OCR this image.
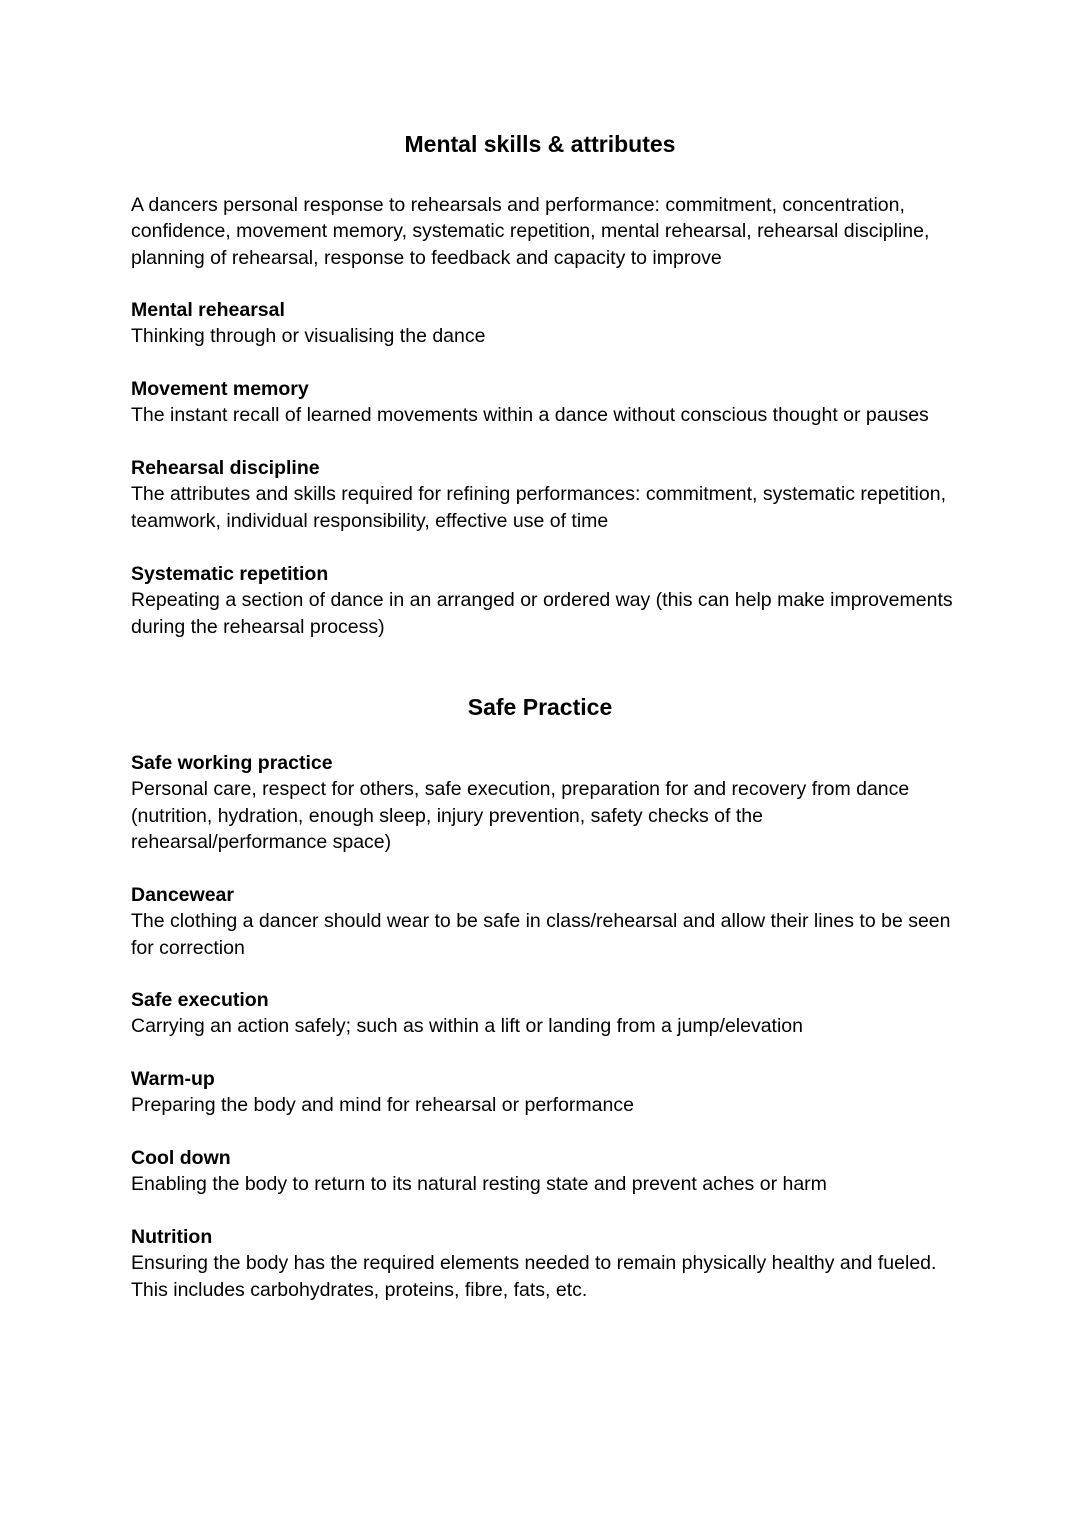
Mental skills & attributes

A dancers personal response to rehearsals and performance: commitment, concentration, confidence, movement memory, systematic repetition, mental rehearsal, rehearsal discipline, planning of rehearsal, response to feedback and capacity to improve

Mental rehearsal
Thinking through or visualising the dance
Movement memory
The instant recall of learned movements within a dance without conscious thought or pauses
Rehearsal discipline
The attributes and skills required for refining performances: commitment, systematic repetition, teamwork, individual responsibility, effective use of time
Systematic repetition
Repeating a section of dance in an arranged or ordered way (this can help make improvements during the rehearsal process)
Safe Practice
Safe working practice
Personal care, respect for others, safe execution, preparation for and recovery from dance (nutrition, hydration, enough sleep, injury prevention, safety checks of the rehearsal/performance space)
Dancewear
The clothing a dancer should wear to be safe in class/rehearsal and allow their lines to be seen for correction
Safe execution
Carrying an action safely; such as within a lift or landing from a jump/elevation
Warm-up
Preparing the body and mind for rehearsal or performance
Cool down
Enabling the body to return to its natural resting state and prevent aches or harm
Nutrition
Ensuring the body has the required elements needed to remain physically healthy and fueled. This includes carbohydrates, proteins, fibre, fats, etc.
